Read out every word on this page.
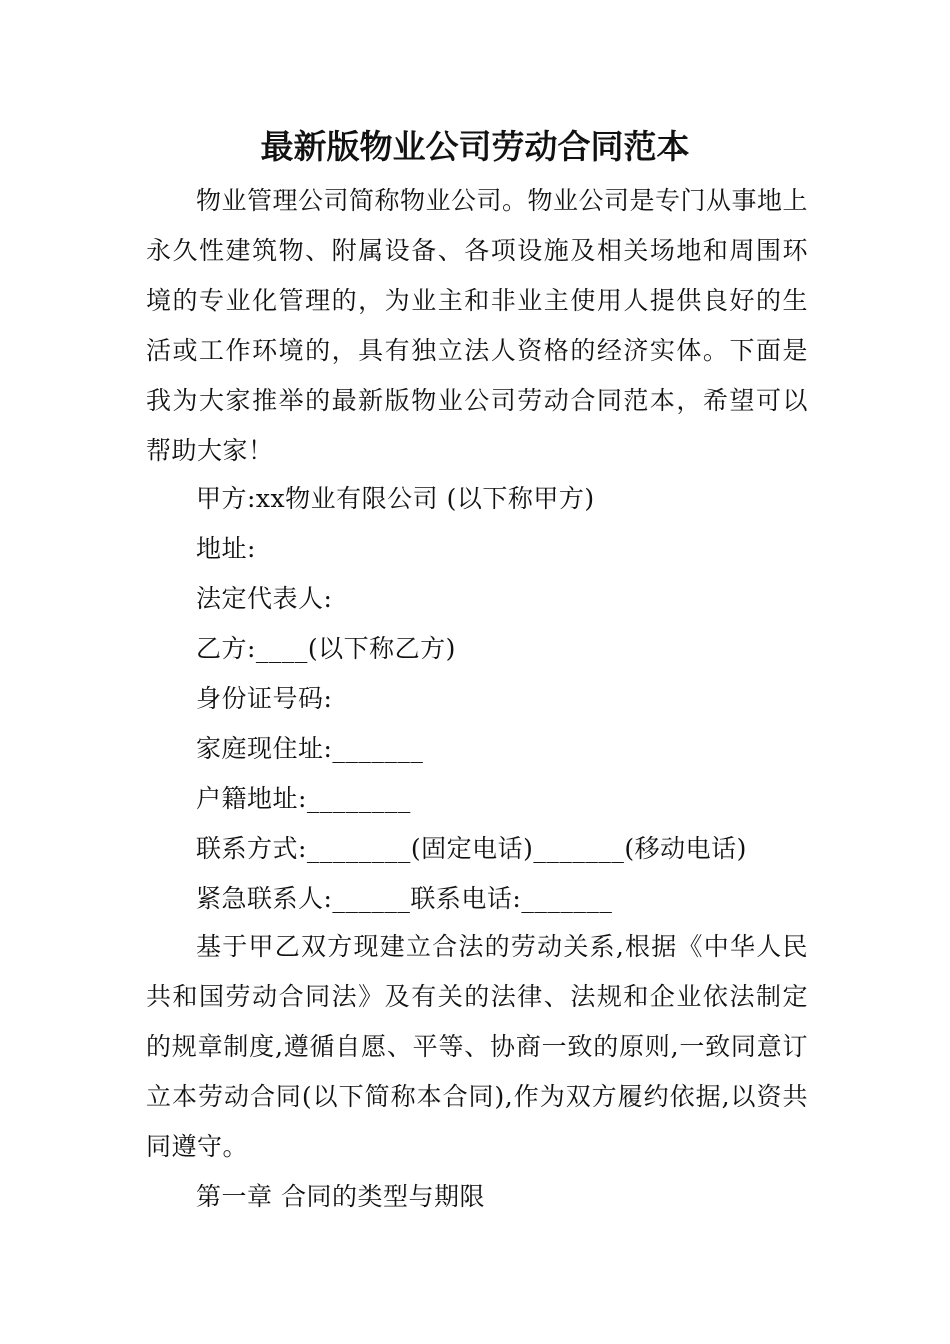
最新版物业公司劳动合同范本

物业管理公司简称物业公司。物业公司是专门从事地上永久性建筑物、附属设备、各项设施及相关场地和周围环境的专业化管理的，为业主和非业主使用人提供良好的生活或工作环境的，具有独立法人资格的经济实体。下面是我为大家推举的最新版物业公司劳动合同范本，希望可以帮助大家！

甲方:xx物业有限公司 (以下称甲方)

地址:

法定代表人:

乙方:____(以下称乙方)

身份证号码:

家庭现住址:_______

户籍地址:________

联系方式:________(固定电话)_______(移动电话)

紧急联系人:______联系电话:_______

基于甲乙双方现建立合法的劳动关系,根据《中华人民共和国劳动合同法》及有关的法律、法规和企业依法制定的规章制度,遵循自愿、平等、协商一致的原则,一致同意订立本劳动合同(以下简称本合同),作为双方履约依据,以资共同遵守。

第一章 合同的类型与期限
